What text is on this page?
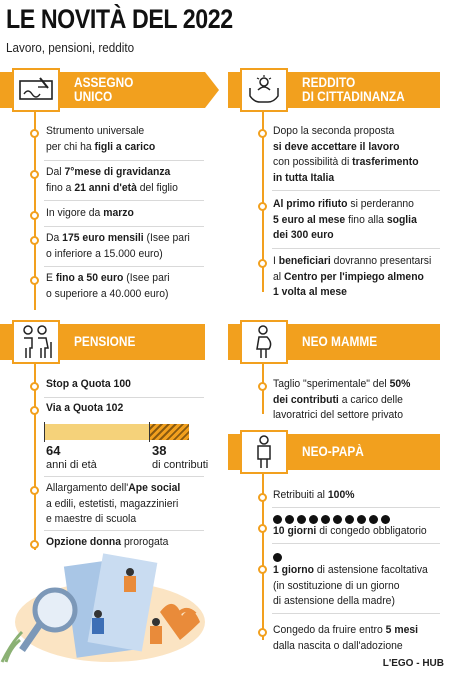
LE NOVITÀ DEL 2022
Lavoro, pensioni, reddito
ASSEGNO
UNICO
Strumento universale
per chi ha figli a carico
Dal 7°mese di gravidanza
fino a 21 anni d'età del figlio
In vigore da marzo
Da 175 euro mensili (Isee pari
o inferiore a 15.000 euro)
E fino a 50 euro (Isee pari
o superiore a 40.000 euro)
REDDITO
DI CITTADINANZA
Dopo la seconda proposta
si deve accettare il lavoro
con possibilità di trasferimento
in tutta Italia
Al primo rifiuto si perderanno
5 euro al mese fino alla soglia
dei 300 euro
I beneficiari dovranno presentarsi
al Centro per l'impiego almeno
1 volta al mese
PENSIONE
Stop a Quota 100
Via a Quota 102
64
anni di età
38
di contributi
Allargamento dell'Ape social
a edili, estetisti, magazzinieri
e maestre di scuola
Opzione donna prorogata
NEO MAMME
Taglio "sperimentale" del 50%
dei contributi a carico delle
lavoratrici del settore privato
NEO-PAPÀ
Retribuiti al 100%
10 giorni di congedo obbligatorio
1 giorno di astensione facoltativa
(in sostituzione di un giorno
di astensione della madre)
Congedo da fruire entro 5 mesi
dalla nascita o dall'adozione
L'EGO - HUB
